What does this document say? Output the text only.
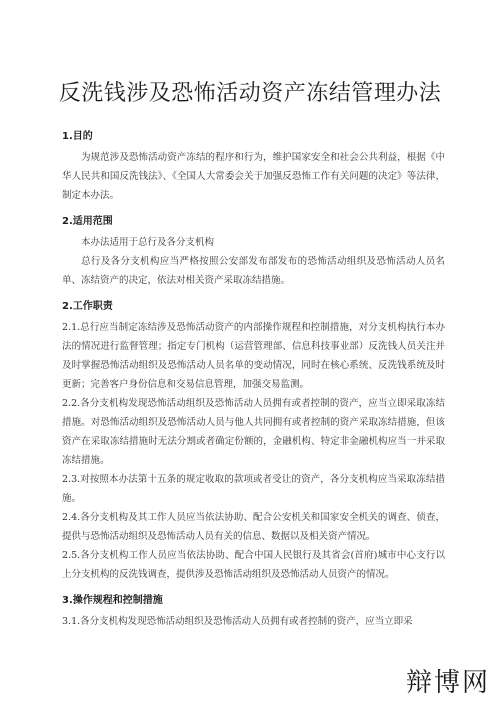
反洗钱涉及恐怖活动资产冻结管理办法

1.目的

为规范涉及恐怖活动资产冻结的程序和行为，维护国家安全和社会公共利益，根据《中华人民共和国反洗钱法》、《全国人大常委会关于加强反恐怖工作有关问题的决定》等法律，制定本办法。

2.适用范围

本办法适用于总行及各分支机构

总行及各分支机构应当严格按照公安部发布部发布的恐怖活动组织及恐怖活动人员名单、冻结资产的决定，依法对相关资产采取冻结措施。

2.工作职责

2.1.总行应当制定冻结涉及恐怖活动资产的内部操作规程和控制措施，对分支机构执行本办法的情况进行监督管理；指定专门机构（运营管理部、信息科技事业部）反洗钱人员关注并及时掌握恐怖活动组织及恐怖活动人员名单的变动情况，同时在核心系统、反洗钱系统及时更新；完善客户身份信息和交易信息管理，加强交易监测。

2.2.各分支机构发现恐怖活动组织及恐怖活动人员拥有或者控制的资产，应当立即采取冻结措施。对恐怖活动组织及恐怖活动人员与他人共同拥有或者控制的资产采取冻结措施，但该资产在采取冻结措施时无法分割或者确定份额的，金融机构、特定非金融机构应当一并采取冻结措施。

2.3.对按照本办法第十五条的规定收取的款项或者受让的资产，各分支机构应当采取冻结措施。

2.4.各分支机构及其工作人员应当依法协助、配合公安机关和国家安全机关的调查、侦查，提供与恐怖活动组织及恐怖活动人员有关的信息、数据以及相关资产情况。

2.5.各分支机构工作人员应当依法协助、配合中国人民银行及其省会(首府)城市中心支行以上分支机构的反洗钱调查，提供涉及恐怖活动组织及恐怖活动人员资产的情况。

3.操作规程和控制措施

3.1.各分支机构发现恐怖活动组织及恐怖活动人员拥有或者控制的资产，应当立即采

辩博网
